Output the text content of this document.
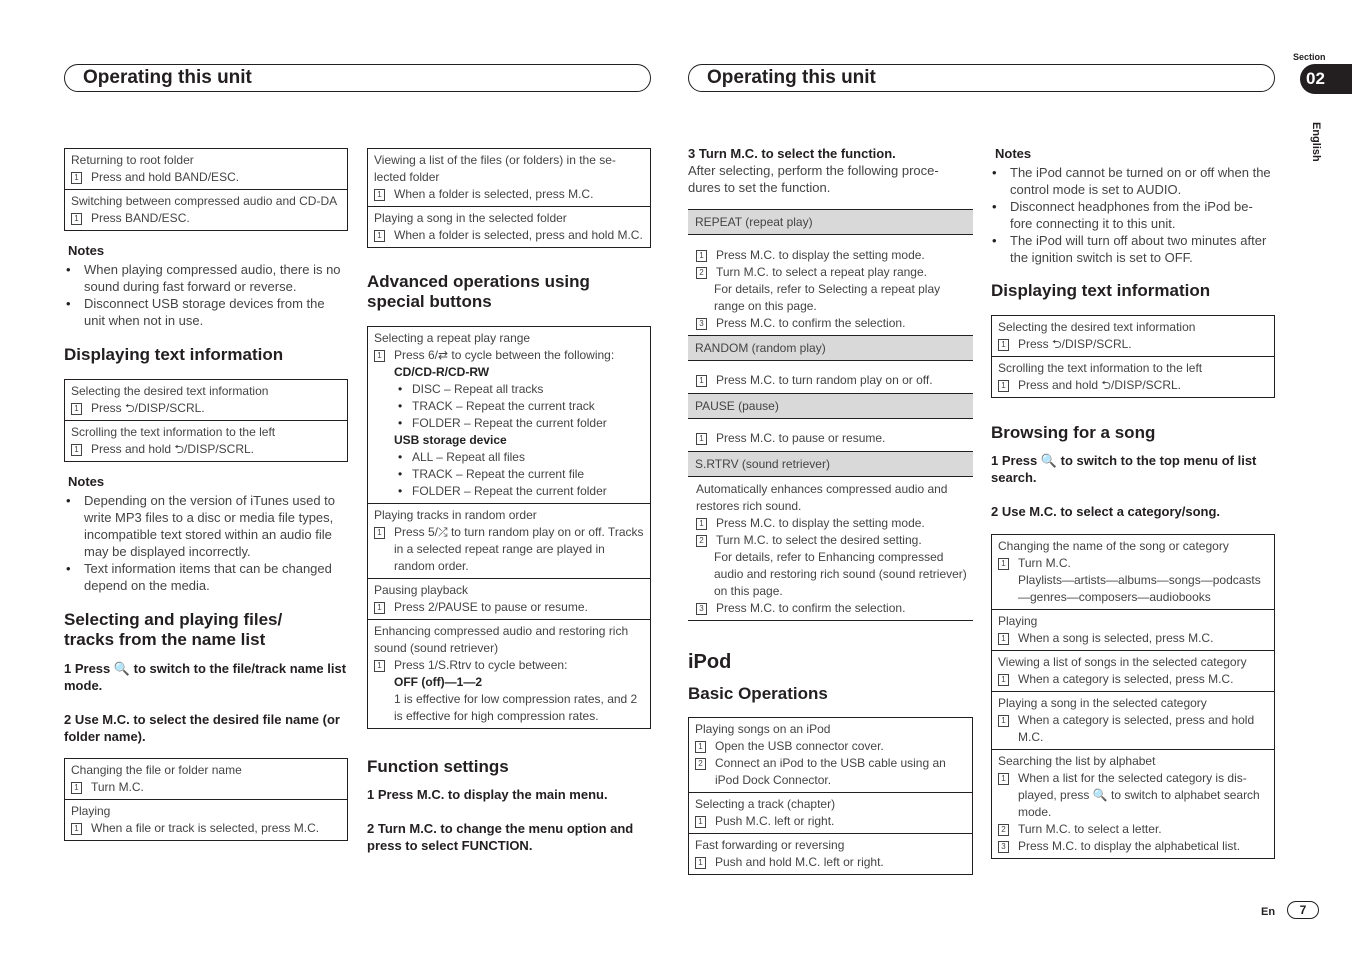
Operating this unit	Operating this unit
Section
02
English
Returning to root folder
1 Press and hold BAND/ESC.
Switching between compressed audio and CD-DA
1 Press BAND/ESC.
Notes
• When playing compressed audio, there is no sound during fast forward or reverse.
• Disconnect USB storage devices from the unit when not in use.
Displaying text information
Selecting the desired text information
1 Press ⮌/DISP/SCRL.
Scrolling the text information to the left
1 Press and hold ⮌/DISP/SCRL.
Notes
• Depending on the version of iTunes used to write MP3 files to a disc or media file types, incompatible text stored within an audio file may be displayed incorrectly.
• Text information items that can be changed depend on the media.
Selecting and playing files/ tracks from the name list
1 Press 🔍 to switch to the file/track name list mode.
2 Use M.C. to select the desired file name (or folder name).
Changing the file or folder name
1 Turn M.C.
Playing
1 When a file or track is selected, press M.C.
Viewing a list of the files (or folders) in the se- lected folder
1 When a folder is selected, press M.C.
Playing a song in the selected folder
1 When a folder is selected, press and hold M.C.
Advanced operations using special buttons
Selecting a repeat play range
1 Press 6/⇄ to cycle between the following:
CD/CD-R/CD-RW
• DISC – Repeat all tracks
• TRACK – Repeat the current track
• FOLDER – Repeat the current folder
USB storage device
• ALL – Repeat all files
• TRACK – Repeat the current file
• FOLDER – Repeat the current folder
Playing tracks in random order
1 Press 5/⤮ to turn random play on or off. Tracks in a selected repeat range are played in random order.
Pausing playback
1 Press 2/PAUSE to pause or resume.
Enhancing compressed audio and restoring rich sound (sound retriever)
1 Press 1/S.Rtrv to cycle between:
OFF (off)—1—2
1 is effective for low compression rates, and 2 is effective for high compression rates.
Function settings
1 Press M.C. to display the main menu.
2 Turn M.C. to change the menu option and press to select FUNCTION.
3 Turn M.C. to select the function.
After selecting, perform the following proce- dures to set the function.
REPEAT (repeat play)
1 Press M.C. to display the setting mode.
2 Turn M.C. to select a repeat play range.
For details, refer to Selecting a repeat play range on this page.
3 Press M.C. to confirm the selection.
RANDOM (random play)
1 Press M.C. to turn random play on or off.
PAUSE (pause)
1 Press M.C. to pause or resume.
S.RTRV (sound retriever)
Automatically enhances compressed audio and restores rich sound.
1 Press M.C. to display the setting mode.
2 Turn M.C. to select the desired setting.
For details, refer to Enhancing compressed audio and restoring rich sound (sound retriever) on this page.
3 Press M.C. to confirm the selection.
iPod
Basic Operations
Playing songs on an iPod
1 Open the USB connector cover.
2 Connect an iPod to the USB cable using an iPod Dock Connector.
Selecting a track (chapter)
1 Push M.C. left or right.
Fast forwarding or reversing
1 Push and hold M.C. left or right.
Notes
• The iPod cannot be turned on or off when the control mode is set to AUDIO.
• Disconnect headphones from the iPod be- fore connecting it to this unit.
• The iPod will turn off about two minutes after the ignition switch is set to OFF.
Displaying text information
Selecting the desired text information
1 Press ⮌/DISP/SCRL.
Scrolling the text information to the left
1 Press and hold ⮌/DISP/SCRL.
Browsing for a song
1 Press 🔍 to switch to the top menu of list search.
2 Use M.C. to select a category/song.
Changing the name of the song or category
1 Turn M.C.
Playlists—artists—albums—songs—podcasts —genres—composers—audiobooks
Playing
1 When a song is selected, press M.C.
Viewing a list of songs in the selected category
1 When a category is selected, press M.C.
Playing a song in the selected category
1 When a category is selected, press and hold M.C.
Searching the list by alphabet
1 When a list for the selected category is dis- played, press 🔍 to switch to alphabet search mode.
2 Turn M.C. to select a letter.
3 Press M.C. to display the alphabetical list.
En	7
